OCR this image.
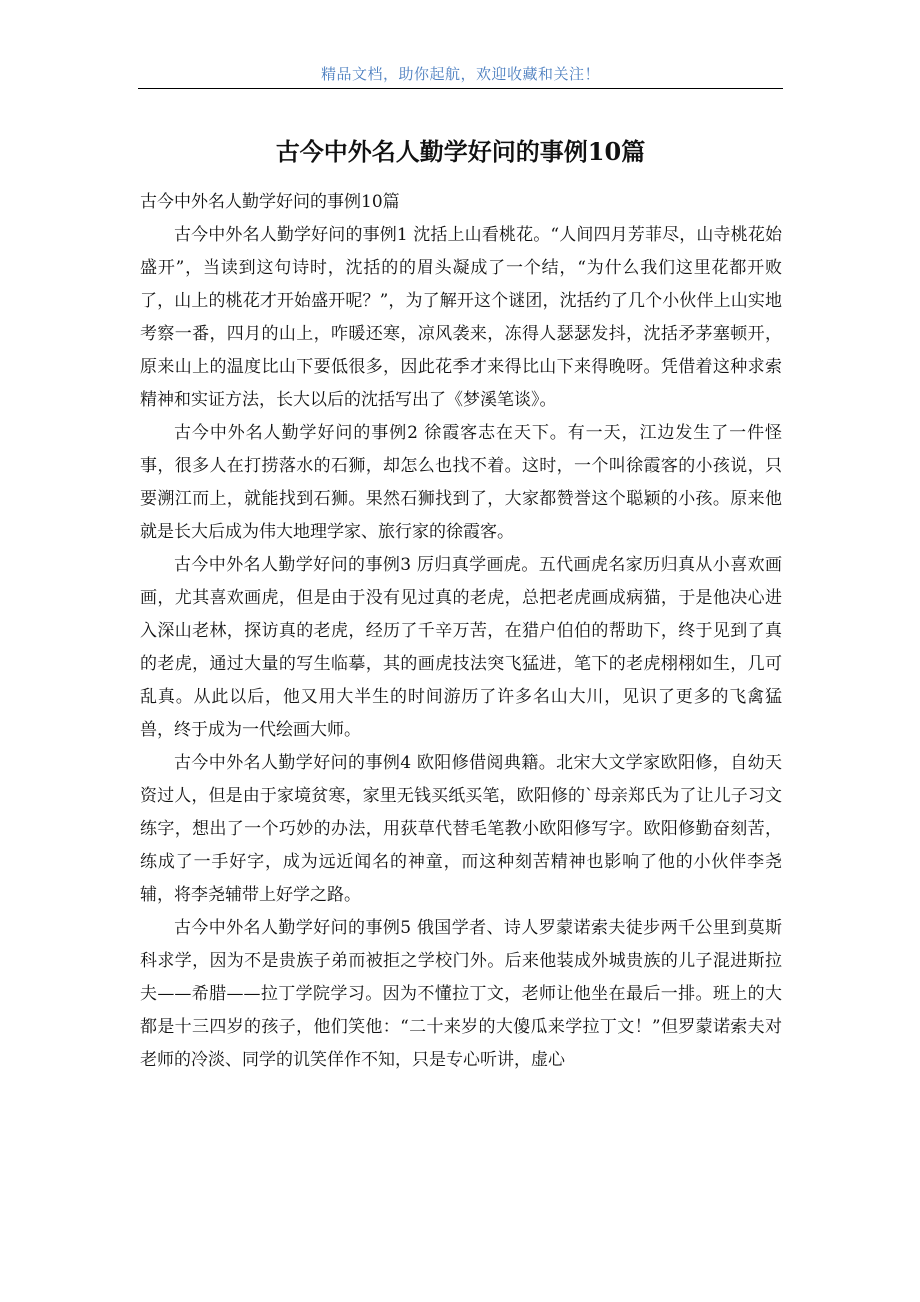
精品文档，助你起航，欢迎收藏和关注！
古今中外名人勤学好问的事例10篇

古今中外名人勤学好问的事例10篇

古今中外名人勤学好问的事例1 沈括上山看桃花。“人间四月芳菲尽，山寺桃花始盛开”，当读到这句诗时，沈括的的眉头凝成了一个结，“为什么我们这里花都开败了，山上的桃花才开始盛开呢？”，为了解开这个谜团，沈括约了几个小伙伴上山实地考察一番，四月的山上，咋暖还寒，凉风袭来，冻得人瑟瑟发抖，沈括矛茅塞顿开，原来山上的温度比山下要低很多，因此花季才来得比山下来得晚呀。凭借着这种求索精神和实证方法，长大以后的沈括写出了《梦溪笔谈》。

古今中外名人勤学好问的事例2 徐霞客志在天下。有一天，江边发生了一件怪事，很多人在打捞落水的石狮，却怎么也找不着。这时，一个叫徐霞客的小孩说，只要溯江而上，就能找到石狮。果然石狮找到了，大家都赞誉这个聪颖的小孩。原来他就是长大后成为伟大地理学家、旅行家的徐霞客。

古今中外名人勤学好问的事例3 厉归真学画虎。五代画虎名家历归真从小喜欢画画，尤其喜欢画虎，但是由于没有见过真的老虎，总把老虎画成病猫，于是他决心进入深山老林，探访真的老虎，经历了千辛万苦，在猎户伯伯的帮助下，终于见到了真的老虎，通过大量的写生临摹，其的画虎技法突飞猛进，笔下的老虎栩栩如生，几可乱真。从此以后，他又用大半生的时间游历了许多名山大川，见识了更多的飞禽猛兽，终于成为一代绘画大师。

古今中外名人勤学好问的事例4 欧阳修借阅典籍。北宋大文学家欧阳修，自幼天资过人，但是由于家境贫寒，家里无钱买纸买笔，欧阳修的`母亲郑氏为了让儿子习文练字，想出了一个巧妙的办法，用荻草代替毛笔教小欧阳修写字。欧阳修勤奋刻苦，练成了一手好字，成为远近闻名的神童，而这种刻苦精神也影响了他的小伙伴李尧辅，将李尧辅带上好学之路。

古今中外名人勤学好问的事例5 俄国学者、诗人罗蒙诺索夫徒步两千公里到莫斯科求学，因为不是贵族子弟而被拒之学校门外。后来他装成外城贵族的儿子混进斯拉夫——希腊——拉丁学院学习。因为不懂拉丁文，老师让他坐在最后一排。班上的大都是十三四岁的孩子，他们笑他：“二十来岁的大傻瓜来学拉丁文！”但罗蒙诺索夫对老师的冷淡、同学的讥笑佯作不知，只是专心听讲，虚心
